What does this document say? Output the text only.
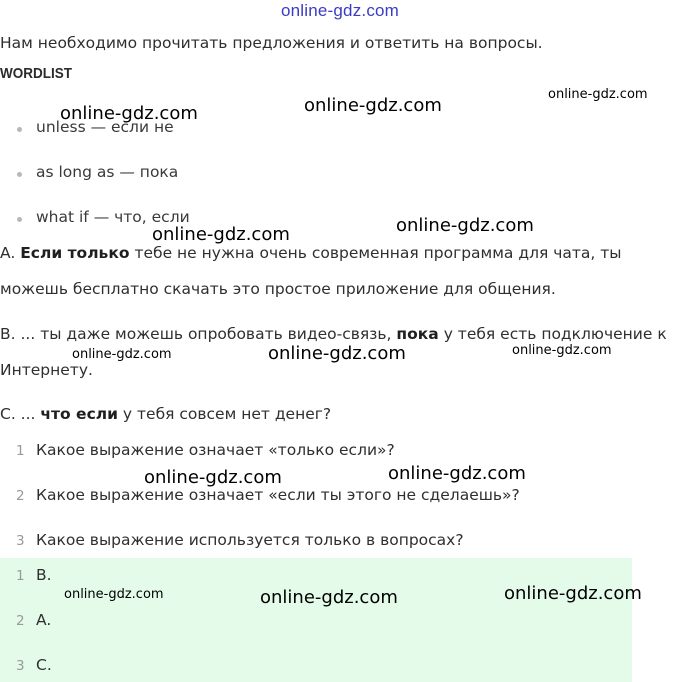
online-gdz.com
Нам необходимо прочитать предложения и ответить на вопросы.
WORDLIST
unless — если не
as long as — пока
what if — что, если
A. Если только тебе не нужна очень современная программа для чата, ты
можешь бесплатно скачать это простое приложение для общения.
B. ... ты даже можешь опробовать видео-связь, пока у тебя есть подключение к
Интернету.
C. ... что если у тебя совсем нет денег?
1 Какое выражение означает «только если»?
2 Какое выражение означает «если ты этого не сделаешь»?
3 Какое выражение используется только в вопросах?
1 B.
2 A.
3 C.
online-gdz.com	online-gdz.com
online-gdz.com
online-gdz.com	online-gdz.com
online-gdz.com	online-gdz.com	online-gdz.com
online-gdz.com	online-gdz.com
online-gdz.com	online-gdz.com	online-gdz.com
